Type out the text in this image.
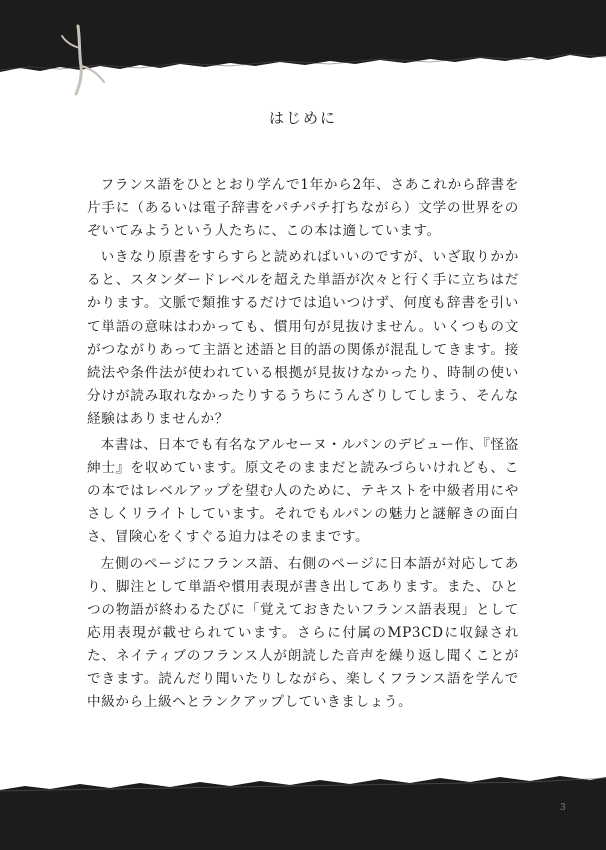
はじめに

フランス語をひととおり学んで1年から2年、さあこれから辞書を片手に（あるいは電子辞書をパチパチ打ちながら）文学の世界をのぞいてみようという人たちに、この本は適しています。

いきなり原書をすらすらと読めればいいのですが、いざ取りかかると、スタンダードレベルを超えた単語が次々と行く手に立ちはだかります。文脈で類推するだけでは追いつけず、何度も辞書を引いて単語の意味はわかっても、慣用句が見抜けません。いくつもの文がつながりあって主語と述語と目的語の関係が混乱してきます。接続法や条件法が使われている根拠が見抜けなかったり、時制の使い分けが読み取れなかったりするうちにうんざりしてしまう、そんな経験はありませんか？

本書は、日本でも有名なアルセーヌ・ルパンのデビュー作、『怪盗紳士』を収めています。原文そのままだと読みづらいけれども、この本ではレベルアップを望む人のために、テキストを中級者用にやさしくリライトしています。それでもルパンの魅力と謎解きの面白さ、冒険心をくすぐる迫力はそのままです。

左側のページにフランス語、右側のページに日本語が対応してあり、脚注として単語や慣用表現が書き出してあります。また、ひとつの物語が終わるたびに「覚えておきたいフランス語表現」として応用表現が載せられています。さらに付属のMP3CDに収録された、ネイティブのフランス人が朗読した音声を繰り返し聞くことができます。読んだり聞いたりしながら、楽しくフランス語を学んで中級から上級へとランクアップしていきましょう。

3
